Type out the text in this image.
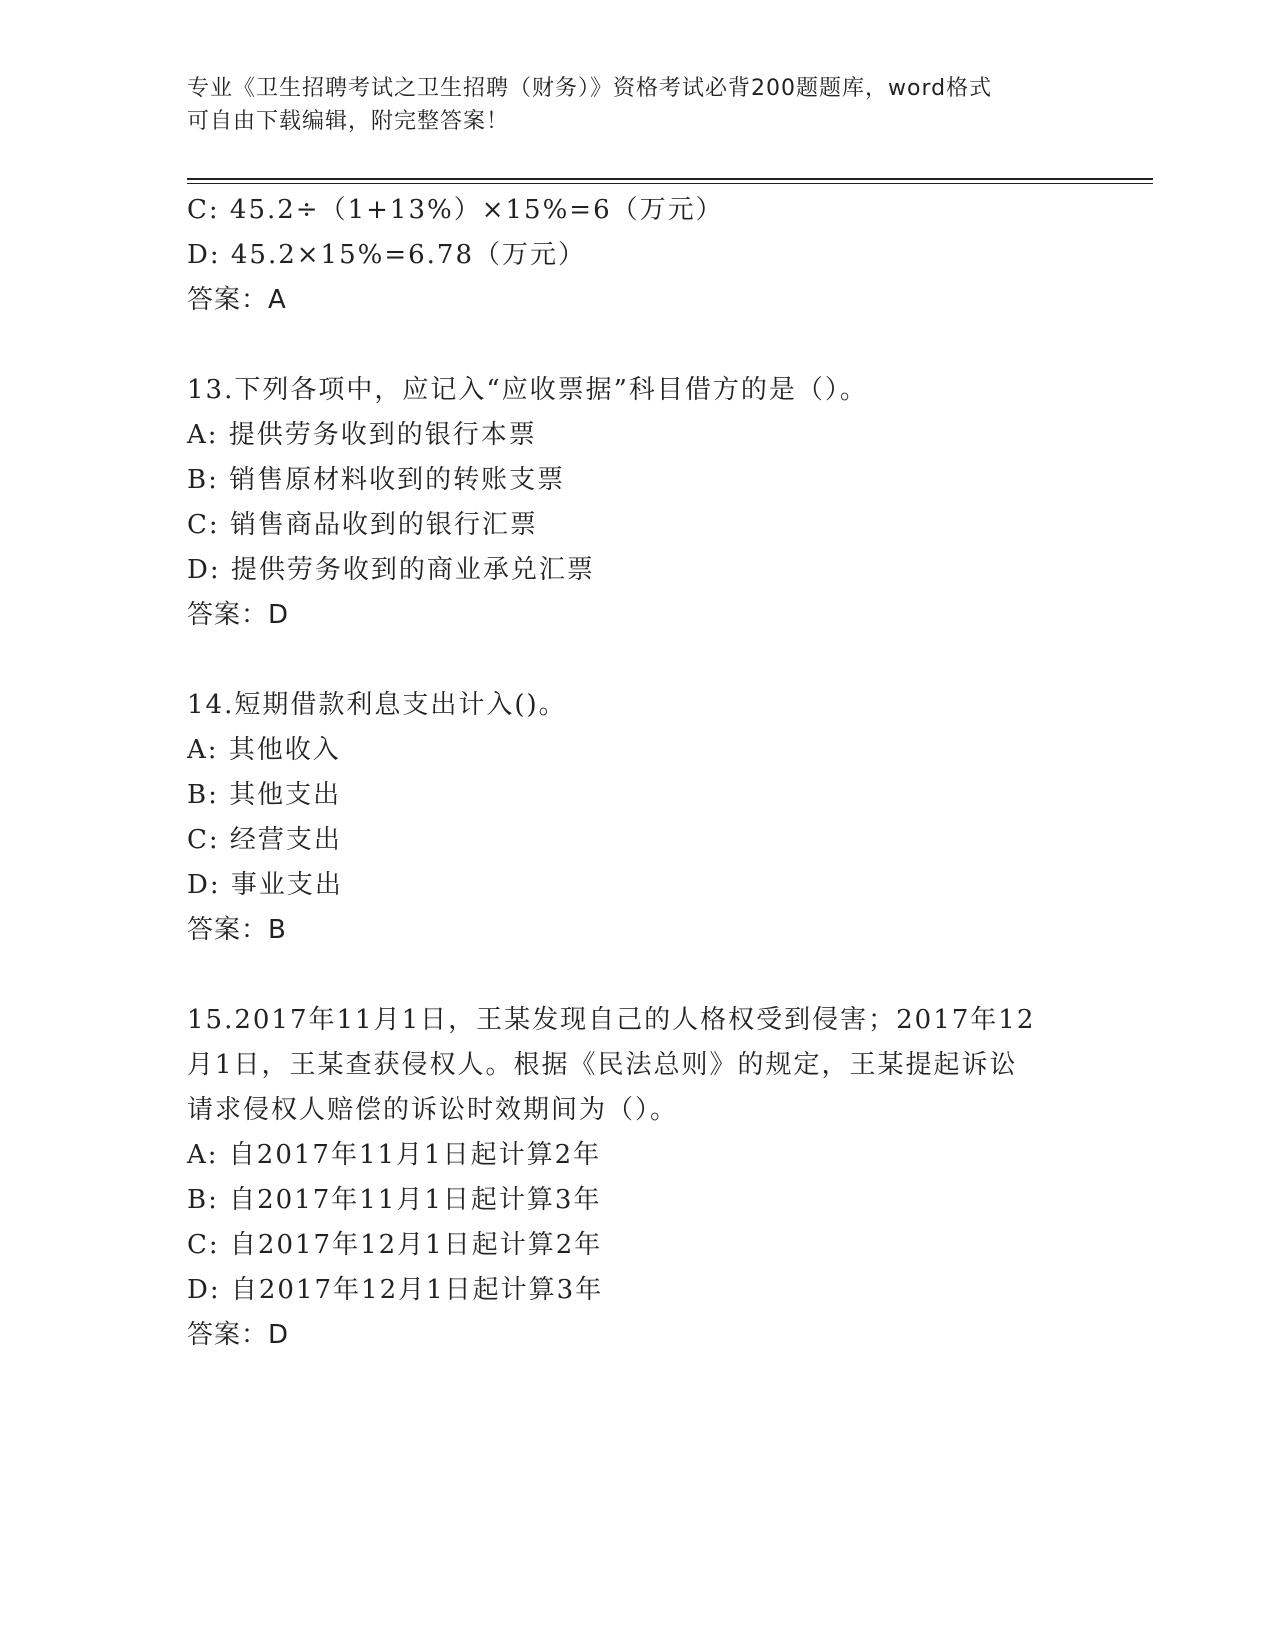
专业《卫生招聘考试之卫生招聘（财务）》资格考试必背200题题库，word格式
可自由下载编辑，附完整答案！
C: 45.2÷（1+13%）×15%=6（万元）
D: 45.2×15%=6.78（万元）
答案：A
13.下列各项中，应记入“应收票据”科目借方的是（）。
A: 提供劳务收到的银行本票
B: 销售原材料收到的转账支票
C: 销售商品收到的银行汇票
D: 提供劳务收到的商业承兑汇票
答案：D
14.短期借款利息支出计入()。
A: 其他收入
B: 其他支出
C: 经营支出
D: 事业支出
答案：B
15.2017年11月1日，王某发现自己的人格权受到侵害；2017年12
月1日，王某查获侵权人。根据《民法总则》的规定，王某提起诉讼
请求侵权人赔偿的诉讼时效期间为（）。
A: 自2017年11月1日起计算2年
B: 自2017年11月1日起计算3年
C: 自2017年12月1日起计算2年
D: 自2017年12月1日起计算3年
答案：D
